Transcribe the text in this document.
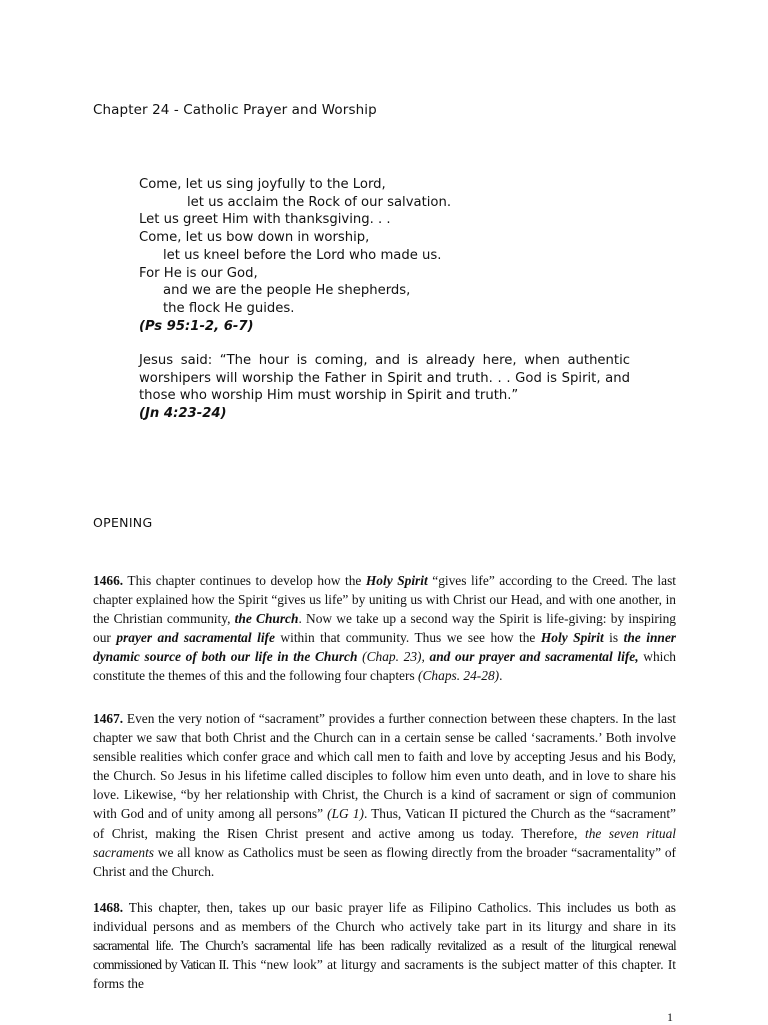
Chapter 24 - Catholic Prayer and Worship
Come, let us sing joyfully to the Lord,
let us acclaim the Rock of our salvation.
Let us greet Him with thanksgiving. . .
Come, let us bow down in worship,
let us kneel before the Lord who made us.
For He is our God,
and we are the people He shepherds,
the flock He guides.
(Ps 95:1-2, 6-7)
Jesus said: “The hour is coming, and is already here, when authentic worshipers will worship the Father in Spirit and truth. . . God is Spirit, and those who worship Him must worship in Spirit and truth.”
(Jn 4:23-24)
OPENING
1466. This chapter continues to develop how the Holy Spirit “gives life” according to the Creed. The last chapter explained how the Spirit “gives us life” by uniting us with Christ our Head, and with one another, in the Christian community, the Church. Now we take up a second way the Spirit is life-giving: by inspiring our prayer and sacramental life within that community. Thus we see how the Holy Spirit is the inner dynamic source of both our life in the Church (Chap. 23), and our prayer and sacramental life, which constitute the themes of this and the following four chapters (Chaps. 24-28).
1467. Even the very notion of “sacrament” provides a further connection between these chapters. In the last chapter we saw that both Christ and the Church can in a certain sense be called ‘sacraments.’ Both involve sensible realities which confer grace and which call men to faith and love by accepting Jesus and his Body, the Church. So Jesus in his lifetime called disciples to follow him even unto death, and in love to share his love. Likewise, “by her relationship with Christ, the Church is a kind of sacrament or sign of communion with God and of unity among all persons” (LG 1). Thus, Vatican II pictured the Church as the “sacrament” of Christ, making the Risen Christ present and active among us today. Therefore, the seven ritual sacraments we all know as Catholics must be seen as flowing directly from the broader “sacramentality” of Christ and the Church.
1468. This chapter, then, takes up our basic prayer life as Filipino Catholics. This includes us both as individual persons and as members of the Church who actively take part in its liturgy and share in its sacramental life. The Church’s sacramental life has been radically revitalized as a result of the liturgical renewal commissioned by Vatican II. This “new look” at liturgy and sacraments is the subject matter of this chapter. It forms the
1
